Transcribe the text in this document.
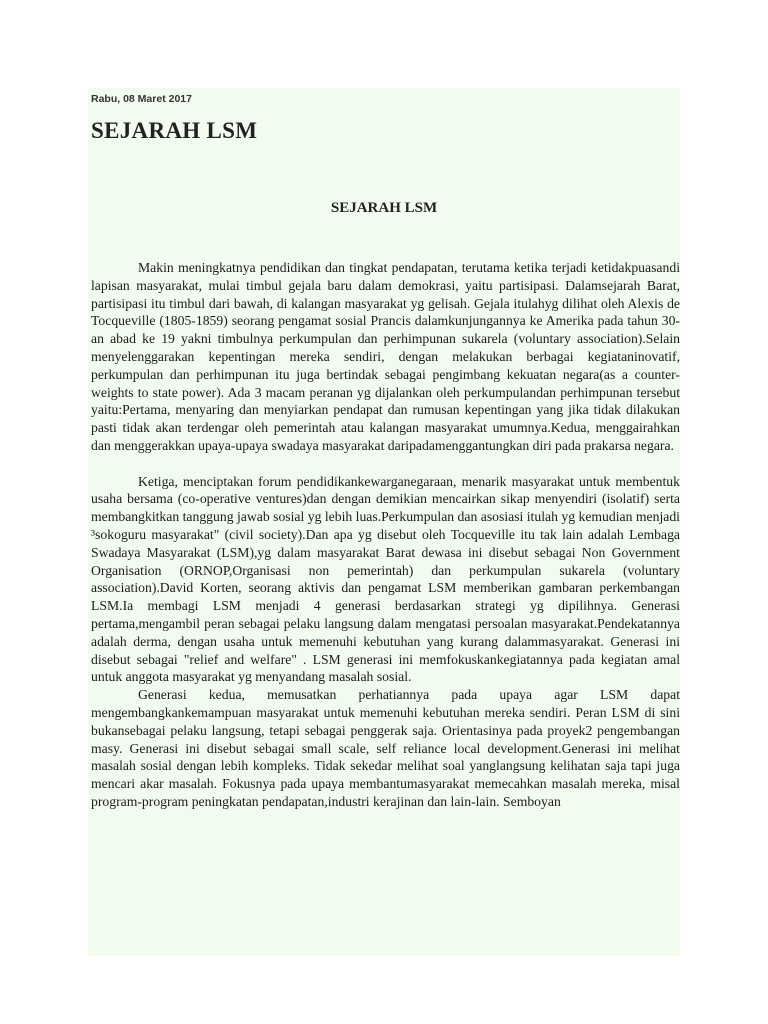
Rabu, 08 Maret 2017
SEJARAH LSM
SEJARAH LSM

Makin meningkatnya pendidikan dan tingkat pendapatan, terutama ketika terjadi ketidakpuasandi lapisan masyarakat, mulai timbul gejala baru dalam demokrasi, yaitu partisipasi. Dalamsejarah Barat, partisipasi itu timbul dari bawah, di kalangan masyarakat yg gelisah. Gejala itulahyg dilihat oleh Alexis de Tocqueville (1805-1859) seorang pengamat sosial Prancis dalamkunjungannya ke Amerika pada tahun 30-an abad ke 19 yakni timbulnya perkumpulan dan perhimpunan sukarela (voluntary association).Selain menyelenggarakan kepentingan mereka sendiri, dengan melakukan berbagai kegiataninovatif, perkumpulan dan perhimpunan itu juga bertindak sebagai pengimbang kekuatan negara(as a counter-weights to state power). Ada 3 macam peranan yg dijalankan oleh perkumpulandan perhimpunan tersebut yaitu:Pertama, menyaring dan menyiarkan pendapat dan rumusan kepentingan yang jika tidak dilakukan pasti tidak akan terdengar oleh pemerintah atau kalangan masyarakat umumnya.Kedua, menggairahkan dan menggerakkan upaya-upaya swadaya masyarakat daripadamenggantungkan diri pada prakarsa negara.

Ketiga, menciptakan forum pendidikankewarganegaraan, menarik masyarakat untuk membentuk usaha bersama (co-operative ventures)dan dengan demikian mencairkan sikap menyendiri (isolatif) serta membangkitkan tanggung jawab sosial yg lebih luas.Perkumpulan dan asosiasi itulah yg kemudian menjadi ³sokoguru masyarakat" (civil society).Dan apa yg disebut oleh Tocqueville itu tak lain adalah Lembaga Swadaya Masyarakat (LSM),yg dalam masyarakat Barat dewasa ini disebut sebagai Non Government Organisation (ORNOP,Organisasi non pemerintah) dan perkumpulan sukarela (voluntary association).David Korten, seorang aktivis dan pengamat LSM memberikan gambaran perkembangan LSM.Ia membagi LSM menjadi 4 generasi berdasarkan strategi yg dipilihnya. Generasi pertama,mengambil peran sebagai pelaku langsung dalam mengatasi persoalan masyarakat.Pendekatannya adalah derma, dengan usaha untuk memenuhi kebutuhan yang kurang dalammasyarakat. Generasi ini disebut sebagai "relief and welfare" . LSM generasi ini memfokuskankegiatannya pada kegiatan amal untuk anggota masyarakat yg menyandang masalah sosial.

Generasi kedua, memusatkan perhatiannya pada upaya agar LSM dapat mengembangkankemampuan masyarakat untuk memenuhi kebutuhan mereka sendiri. Peran LSM di sini bukansebagai pelaku langsung, tetapi sebagai penggerak saja. Orientasinya pada proyek2 pengembangan masy. Generasi ini disebut sebagai small scale, self reliance local development.Generasi ini melihat masalah sosial dengan lebih kompleks. Tidak sekedar melihat soal yanglangsung kelihatan saja tapi juga mencari akar masalah. Fokusnya pada upaya membantumasyarakat memecahkan masalah mereka, misal program-program peningkatan pendapatan,industri kerajinan dan lain-lain. Semboyan
